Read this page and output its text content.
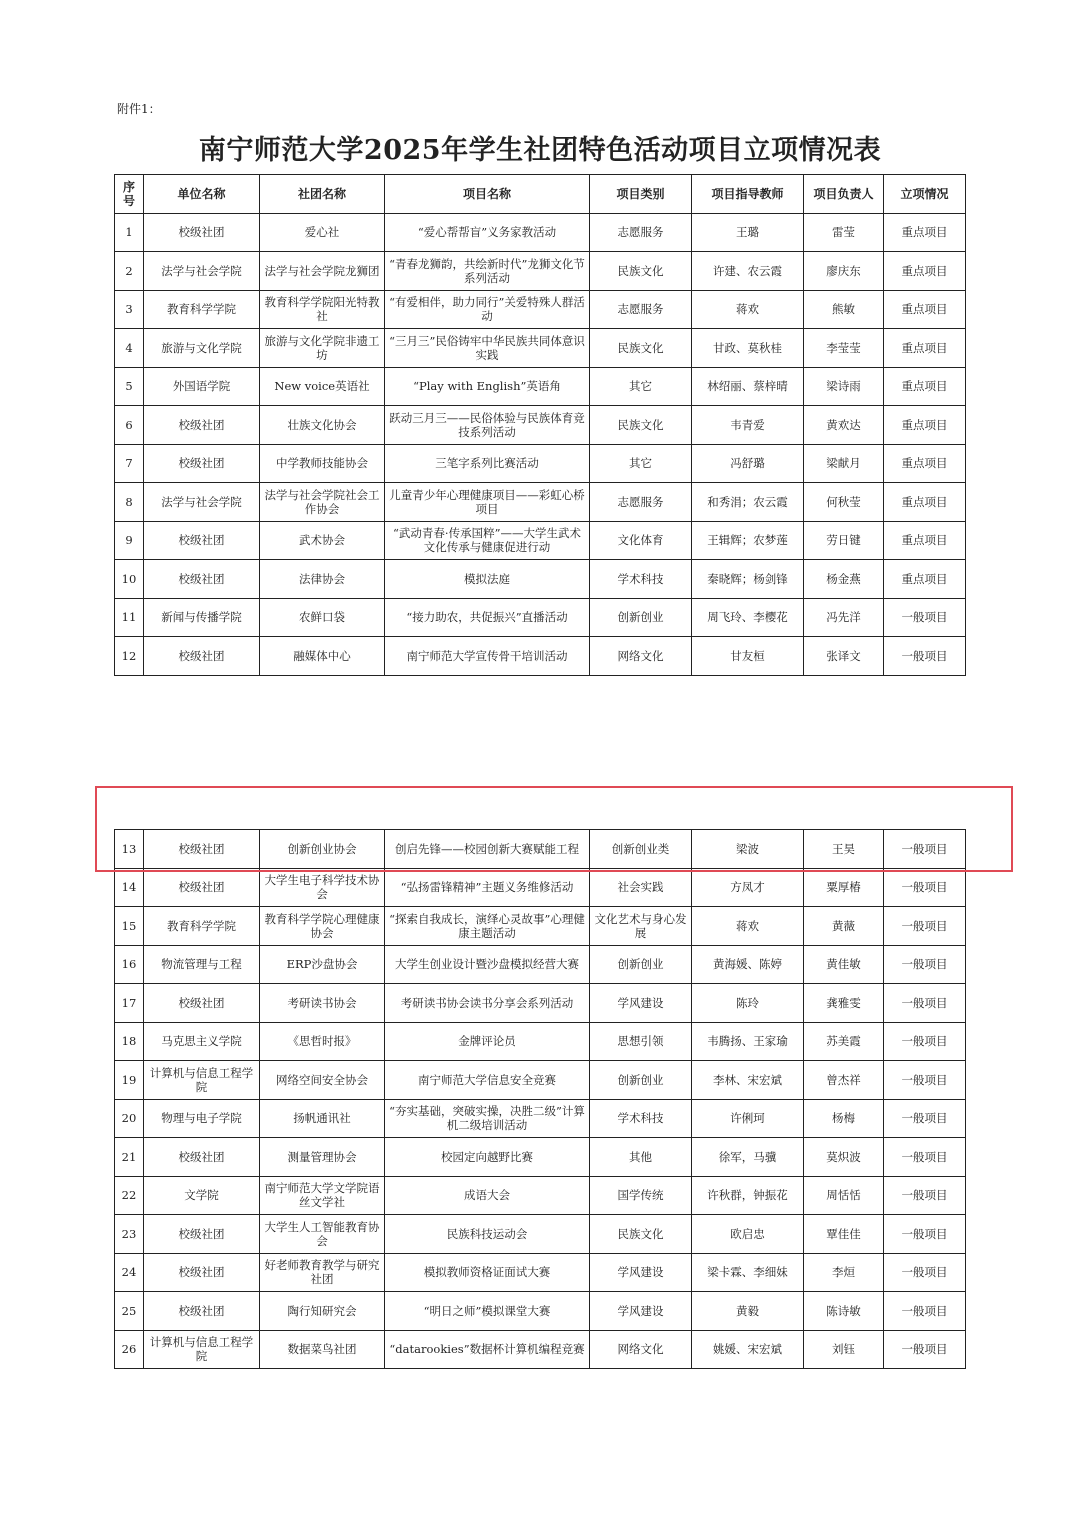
附件1：
南宁师范大学2025年学生社团特色活动项目立项情况表
序号	单位名称	社团名称	项目名称	项目类别	项目指导教师	项目负责人	立项情况
1	校级社团	爱心社	“爱心帮帮盲”义务家教活动	志愿服务	王璐	雷莹	重点项目
2	法学与社会学院	法学与社会学院龙狮团	“青春龙狮韵，共绘新时代”龙狮文化节系列活动	民族文化	许建、农云霞	廖庆东	重点项目
3	教育科学学院	教育科学学院阳光特教社	“有爱相伴，助力同行”关爱特殊人群活动	志愿服务	蒋欢	熊敏	重点项目
4	旅游与文化学院	旅游与文化学院非遗工坊	“三月三”民俗铸牢中华民族共同体意识实践	民族文化	甘政、莫秋桂	李莹莹	重点项目
5	外国语学院	New voice英语社	“Play with English”英语角	其它	林绍丽、蔡梓晴	梁诗雨	重点项目
6	校级社团	壮族文化协会	跃动三月三——民俗体验与民族体育竞技系列活动	民族文化	韦青爱	黄欢达	重点项目
7	校级社团	中学教师技能协会	三笔字系列比赛活动	其它	冯舒璐	梁献月	重点项目
8	法学与社会学院	法学与社会学院社会工作协会	儿童青少年心理健康项目——彩虹心桥项目	志愿服务	和秀涓；农云霞	何秋莹	重点项目
9	校级社团	武术协会	“武动青春·传承国粹”——大学生武术文化传承与健康促进行动	文化体育	王辑辉；农梦莲	劳日键	重点项目
10	校级社团	法律协会	模拟法庭	学术科技	秦晓辉；杨剑锋	杨金燕	重点项目
11	新闻与传播学院	农鲜口袋	“接力助农，共促振兴”直播活动	创新创业	周飞玲、李樱花	冯先洋	一般项目
12	校级社团	融媒体中心	南宁师范大学宣传骨干培训活动	网络文化	甘友桓	张译文	一般项目
13	校级社团	创新创业协会	创启先锋——校园创新大赛赋能工程	创新创业类	梁波	王昊	一般项目
14	校级社团	大学生电子科学技术协会	“弘扬雷锋精神”主题义务维修活动	社会实践	方凤才	粟厚椿	一般项目
15	教育科学学院	教育科学学院心理健康协会	“探索自我成长，演绎心灵故事”心理健康主题活动	文化艺术与身心发展	蒋欢	黄薇	一般项目
16	物流管理与工程	ERP沙盘协会	大学生创业设计暨沙盘模拟经营大赛	创新创业	黄海媛、陈婷	黄佳敏	一般项目
17	校级社团	考研读书协会	考研读书协会读书分享会系列活动	学风建设	陈玲	龚雅雯	一般项目
18	马克思主义学院	《思哲时报》	金牌评论员	思想引领	韦腾扬、王家瑜	苏美霞	一般项目
19	计算机与信息工程学院	网络空间安全协会	南宁师范大学信息安全竞赛	创新创业	李林、宋宏斌	曾杰祥	一般项目
20	物理与电子学院	扬帆通讯社	“夯实基础，突破实操，决胜二级”计算机二级培训活动	学术科技	许俐珂	杨梅	一般项目
21	校级社团	测量管理协会	校园定向越野比赛	其他	徐军，马骥	莫炽波	一般项目
22	文学院	南宁师范大学文学院语丝文学社	成语大会	国学传统	许秋群，钟振花	周恬恬	一般项目
23	校级社团	大学生人工智能教育协会	民族科技运动会	民族文化	欧启忠	覃佳佳	一般项目
24	校级社团	好老师教育教学与研究社团	模拟教师资格证面试大赛	学风建设	梁卡霖、李细妹	李烜	一般项目
25	校级社团	陶行知研究会	“明日之师”模拟课堂大赛	学风建设	黄毅	陈诗敏	一般项目
26	计算机与信息工程学院	数据菜鸟社团	“datarookies”数据杯计算机编程竞赛	网络文化	姚媛、宋宏斌	刘钰	一般项目
